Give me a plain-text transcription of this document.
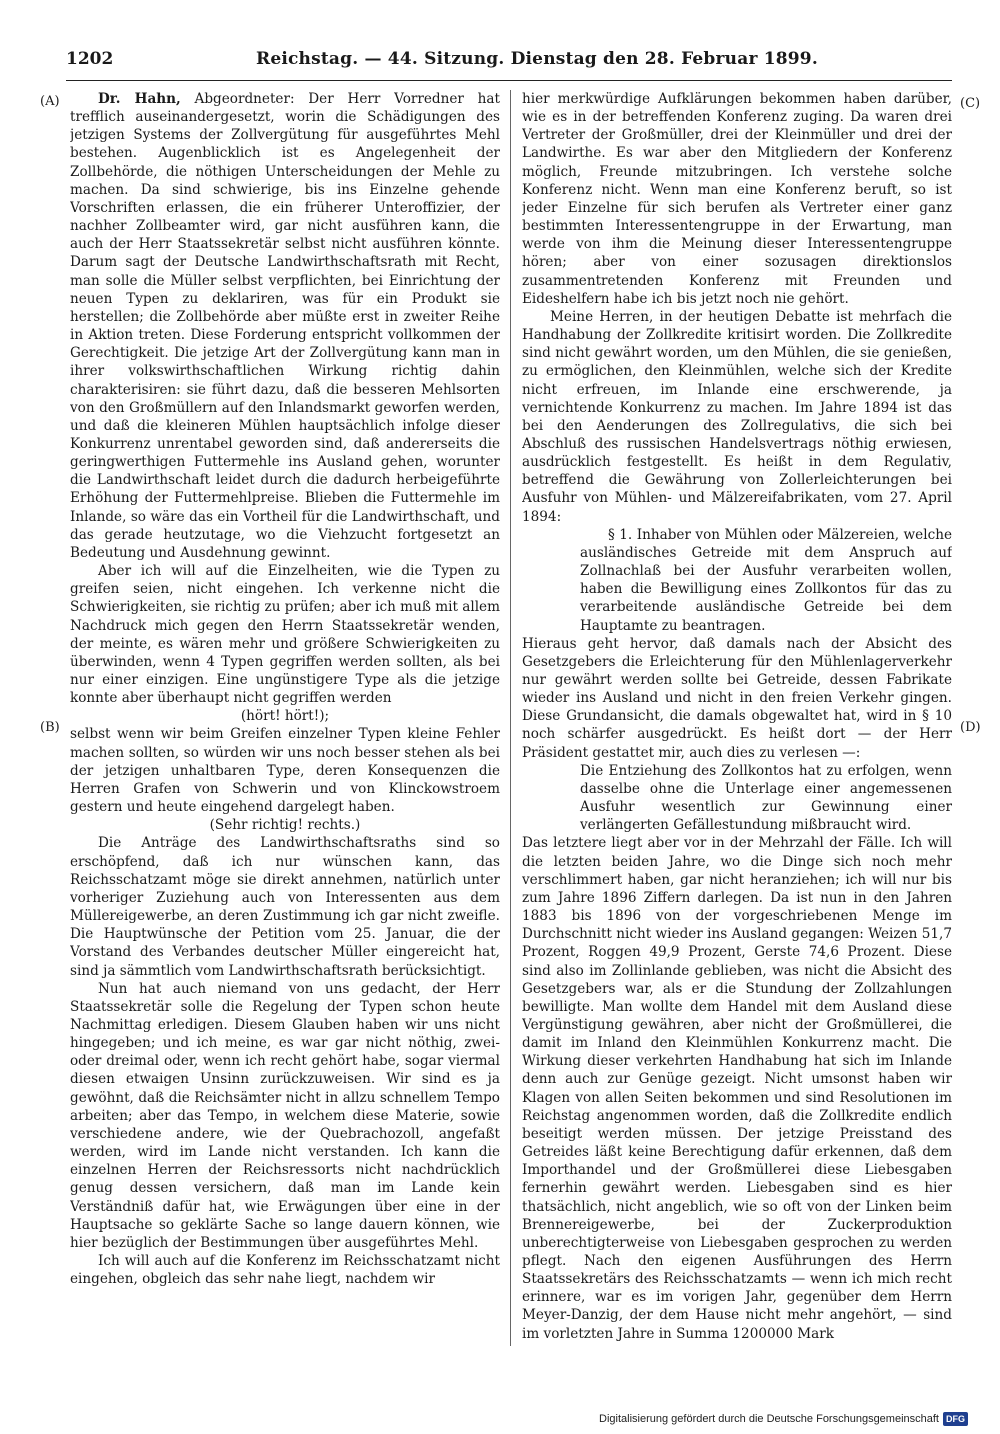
1202	Reichstag. — 44. Sitzung. Dienstag den 28. Februar 1899.
(A)
(B)
(C)
(D)

Dr. Hahn, Abgeordneter: Der Herr Vorredner hat trefflich auseinandergesetzt, worin die Schädigungen des jetzigen Systems der Zollvergütung für ausgeführtes Mehl bestehen. Augenblicklich ist es Angelegenheit der Zollbehörde, die nöthigen Unterscheidungen der Mehle zu machen. Da sind schwierige, bis ins Einzelne gehende Vorschriften erlassen, die ein früherer Unteroffizier, der nachher Zollbeamter wird, gar nicht ausführen kann, die auch der Herr Staatssekretär selbst nicht ausführen könnte. Darum sagt der Deutsche Landwirthschaftsrath mit Recht, man solle die Müller selbst verpflichten, bei Einrichtung der neuen Typen zu deklariren, was für ein Produkt sie herstellen; die Zollbehörde aber müßte erst in zweiter Reihe in Aktion treten. Diese Forderung entspricht vollkommen der Gerechtigkeit. Die jetzige Art der Zollvergütung kann man in ihrer volkswirthschaftlichen Wirkung richtig dahin charakterisiren: sie führt dazu, daß die besseren Mehlsorten von den Großmüllern auf den Inlandsmarkt geworfen werden, und daß die kleineren Mühlen hauptsächlich infolge dieser Konkurrenz unrentabel geworden sind, daß andererseits die geringwerthigen Futtermehle ins Ausland gehen, worunter die Landwirthschaft leidet durch die dadurch herbeigeführte Erhöhung der Futtermehlpreise. Blieben die Futtermehle im Inlande, so wäre das ein Vortheil für die Landwirthschaft, und das gerade heutzutage, wo die Viehzucht fortgesetzt an Bedeutung und Ausdehnung gewinnt.

Aber ich will auf die Einzelheiten, wie die Typen zu greifen seien, nicht eingehen. Ich verkenne nicht die Schwierigkeiten, sie richtig zu prüfen; aber ich muß mit allem Nachdruck mich gegen den Herrn Staatssekretär wenden, der meinte, es wären mehr und größere Schwierigkeiten zu überwinden, wenn 4 Typen gegriffen werden sollten, als bei nur einer einzigen. Eine ungünstigere Type als die jetzige konnte aber überhaupt nicht gegriffen werden

(hört! hört!);

selbst wenn wir beim Greifen einzelner Typen kleine Fehler machen sollten, so würden wir uns noch besser stehen als bei der jetzigen unhaltbaren Type, deren Konsequenzen die Herren Grafen von Schwerin und von Klinckowstroem gestern und heute eingehend dargelegt haben.

(Sehr richtig! rechts.)

Die Anträge des Landwirthschaftsraths sind so erschöpfend, daß ich nur wünschen kann, das Reichsschatzamt möge sie direkt annehmen, natürlich unter vorheriger Zuziehung auch von Interessenten aus dem Müllereigewerbe, an deren Zustimmung ich gar nicht zweifle. Die Hauptwünsche der Petition vom 25. Januar, die der Vorstand des Verbandes deutscher Müller eingereicht hat, sind ja sämmtlich vom Landwirthschaftsrath berücksichtigt.

Nun hat auch niemand von uns gedacht, der Herr Staatssekretär solle die Regelung der Typen schon heute Nachmittag erledigen. Diesem Glauben haben wir uns nicht hingegeben; und ich meine, es war gar nicht nöthig, zwei- oder dreimal oder, wenn ich recht gehört habe, sogar viermal diesen etwaigen Unsinn zurückzuweisen. Wir sind es ja gewöhnt, daß die Reichsämter nicht in allzu schnellem Tempo arbeiten; aber das Tempo, in welchem diese Materie, sowie verschiedene andere, wie der Quebrachozoll, angefaßt werden, wird im Lande nicht verstanden. Ich kann die einzelnen Herren der Reichsressorts nicht nachdrücklich genug dessen versichern, daß man im Lande kein Verständniß dafür hat, wie Erwägungen über eine in der Hauptsache so geklärte Sache so lange dauern können, wie hier bezüglich der Bestimmungen über ausgeführtes Mehl.

Ich will auch auf die Konferenz im Reichsschatzamt nicht eingehen, obgleich das sehr nahe liegt, nachdem wir

hier merkwürdige Aufklärungen bekommen haben darüber, wie es in der betreffenden Konferenz zuging. Da waren drei Vertreter der Großmüller, drei der Kleinmüller und drei der Landwirthe. Es war aber den Mitgliedern der Konferenz möglich, Freunde mitzubringen. Ich verstehe solche Konferenz nicht. Wenn man eine Konferenz beruft, so ist jeder Einzelne für sich berufen als Vertreter einer ganz bestimmten Interessentengruppe in der Erwartung, man werde von ihm die Meinung dieser Interessentengruppe hören; aber von einer sozusagen direktionslos zusammentretenden Konferenz mit Freunden und Eideshelfern habe ich bis jetzt noch nie gehört.

Meine Herren, in der heutigen Debatte ist mehrfach die Handhabung der Zollkredite kritisirt worden. Die Zollkredite sind nicht gewährt worden, um den Mühlen, die sie genießen, zu ermöglichen, den Kleinmühlen, welche sich der Kredite nicht erfreuen, im Inlande eine erschwerende, ja vernichtende Konkurrenz zu machen. Im Jahre 1894 ist das bei den Aenderungen des Zollregulativs, die sich bei Abschluß des russischen Handelsvertrags nöthig erwiesen, ausdrücklich festgestellt. Es heißt in dem Regulativ, betreffend die Gewährung von Zollerleichterungen bei Ausfuhr von Mühlen- und Mälzereifabrikaten, vom 27. April 1894:

§ 1. Inhaber von Mühlen oder Mälzereien, welche ausländisches Getreide mit dem Anspruch auf Zollnachlaß bei der Ausfuhr verarbeiten wollen, haben die Bewilligung eines Zollkontos für das zu verarbeitende ausländische Getreide bei dem Hauptamte zu beantragen.

Hieraus geht hervor, daß damals nach der Absicht des Gesetzgebers die Erleichterung für den Mühlenlagerverkehr nur gewährt werden sollte bei Getreide, dessen Fabrikate wieder ins Ausland und nicht in den freien Verkehr gingen. Diese Grundansicht, die damals obgewaltet hat, wird in § 10 noch schärfer ausgedrückt. Es heißt dort — der Herr Präsident gestattet mir, auch dies zu verlesen —:

Die Entziehung des Zollkontos hat zu erfolgen, wenn dasselbe ohne die Unterlage einer angemessenen Ausfuhr wesentlich zur Gewinnung einer verlängerten Gefällestundung mißbraucht wird.

Das letztere liegt aber vor in der Mehrzahl der Fälle. Ich will die letzten beiden Jahre, wo die Dinge sich noch mehr verschlimmert haben, gar nicht heranziehen; ich will nur bis zum Jahre 1896 Ziffern darlegen. Da ist nun in den Jahren 1883 bis 1896 von der vorgeschriebenen Menge im Durchschnitt nicht wieder ins Ausland gegangen: Weizen 51,7 Prozent, Roggen 49,9 Prozent, Gerste 74,6 Prozent. Diese sind also im Zollinlande geblieben, was nicht die Absicht des Gesetzgebers war, als er die Stundung der Zollzahlungen bewilligte. Man wollte dem Handel mit dem Ausland diese Vergünstigung gewähren, aber nicht der Großmüllerei, die damit im Inland den Kleinmühlen Konkurrenz macht. Die Wirkung dieser verkehrten Handhabung hat sich im Inlande denn auch zur Genüge gezeigt. Nicht umsonst haben wir Klagen von allen Seiten bekommen und sind Resolutionen im Reichstag angenommen worden, daß die Zollkredite endlich beseitigt werden müssen. Der jetzige Preisstand des Getreides läßt keine Berechtigung dafür erkennen, daß dem Importhandel und der Großmüllerei diese Liebesgaben fernerhin gewährt werden. Liebesgaben sind es hier thatsächlich, nicht angeblich, wie so oft von der Linken beim Brennereigewerbe, bei der Zuckerproduktion unberechtigterweise von Liebesgaben gesprochen zu werden pflegt. Nach den eigenen Ausführungen des Herrn Staatssekretärs des Reichsschatzamts — wenn ich mich recht erinnere, war es im vorigen Jahr, gegenüber dem Herrn Meyer-Danzig, der dem Hause nicht mehr angehört, — sind im vorletzten Jahre in Summa 1200000 Mark

Digitalisierung gefördert durch die Deutsche Forschungsgemeinschaft DFG
